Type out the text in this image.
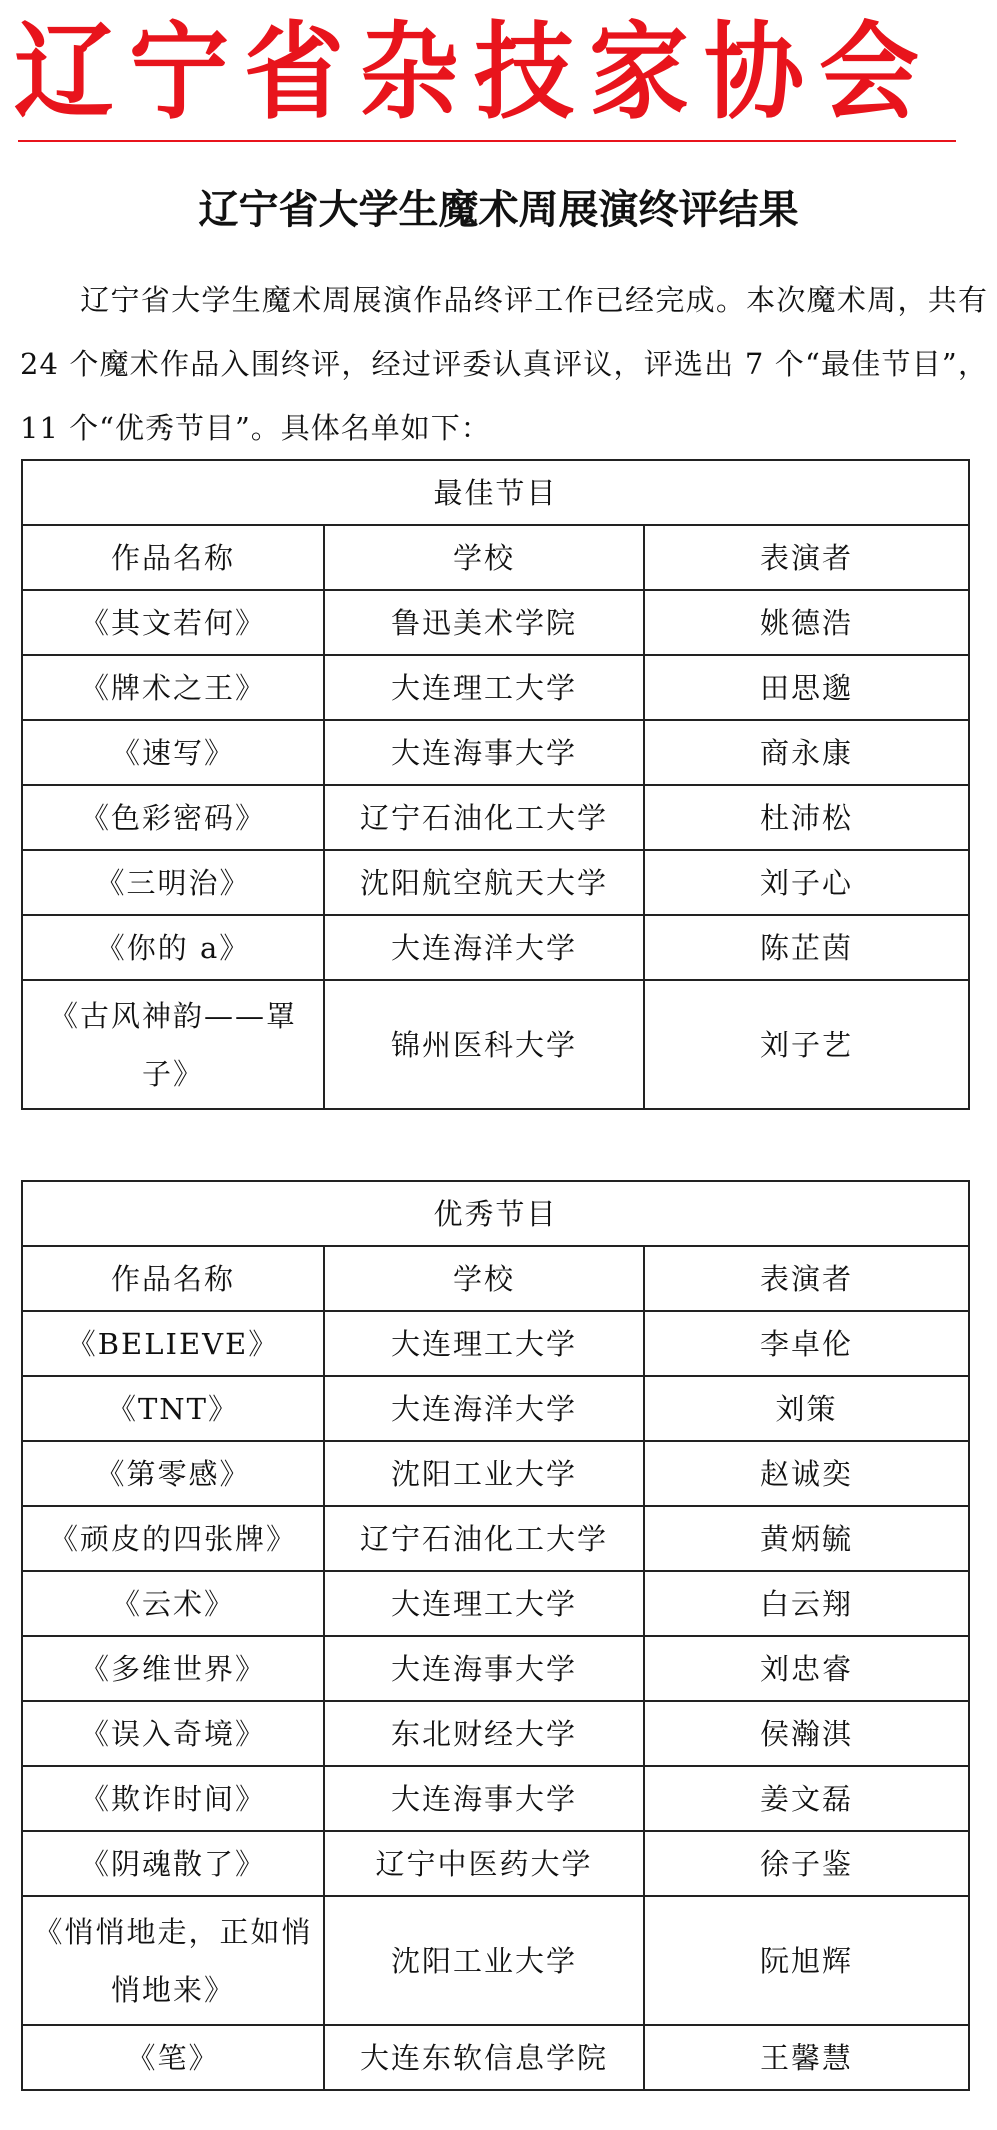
辽宁省杂技家协会
辽宁省大学生魔术周展演终评结果
辽宁省大学生魔术周展演作品终评工作已经完成。本次魔术周，共有 24 个魔术作品入围终评，经过评委认真评议，评选出 7 个“最佳节目”，11 个“优秀节目”。具体名单如下：
最佳节目		
作品名称	学校	表演者
《其文若何》	鲁迅美术学院	姚德浩
《牌术之王》	大连理工大学	田思邈
《速写》	大连海事大学	商永康
《色彩密码》	辽宁石油化工大学	杜沛松
《三明治》	沈阳航空航天大学	刘子心
《你的 a》	大连海洋大学	陈芷茵
《古风神韵——罩子》	锦州医科大学	刘子艺
优秀节目		
作品名称	学校	表演者
《BELIEVE》	大连理工大学	李卓伦
《TNT》	大连海洋大学	刘策
《第零感》	沈阳工业大学	赵诚奕
《顽皮的四张牌》	辽宁石油化工大学	黄炳毓
《云术》	大连理工大学	白云翔
《多维世界》	大连海事大学	刘忠睿
《误入奇境》	东北财经大学	侯瀚淇
《欺诈时间》	大连海事大学	姜文磊
《阴魂散了》	辽宁中医药大学	徐子鉴
《悄悄地走，正如悄悄地来》	沈阳工业大学	阮旭辉
《笔》	大连东软信息学院	王馨慧
